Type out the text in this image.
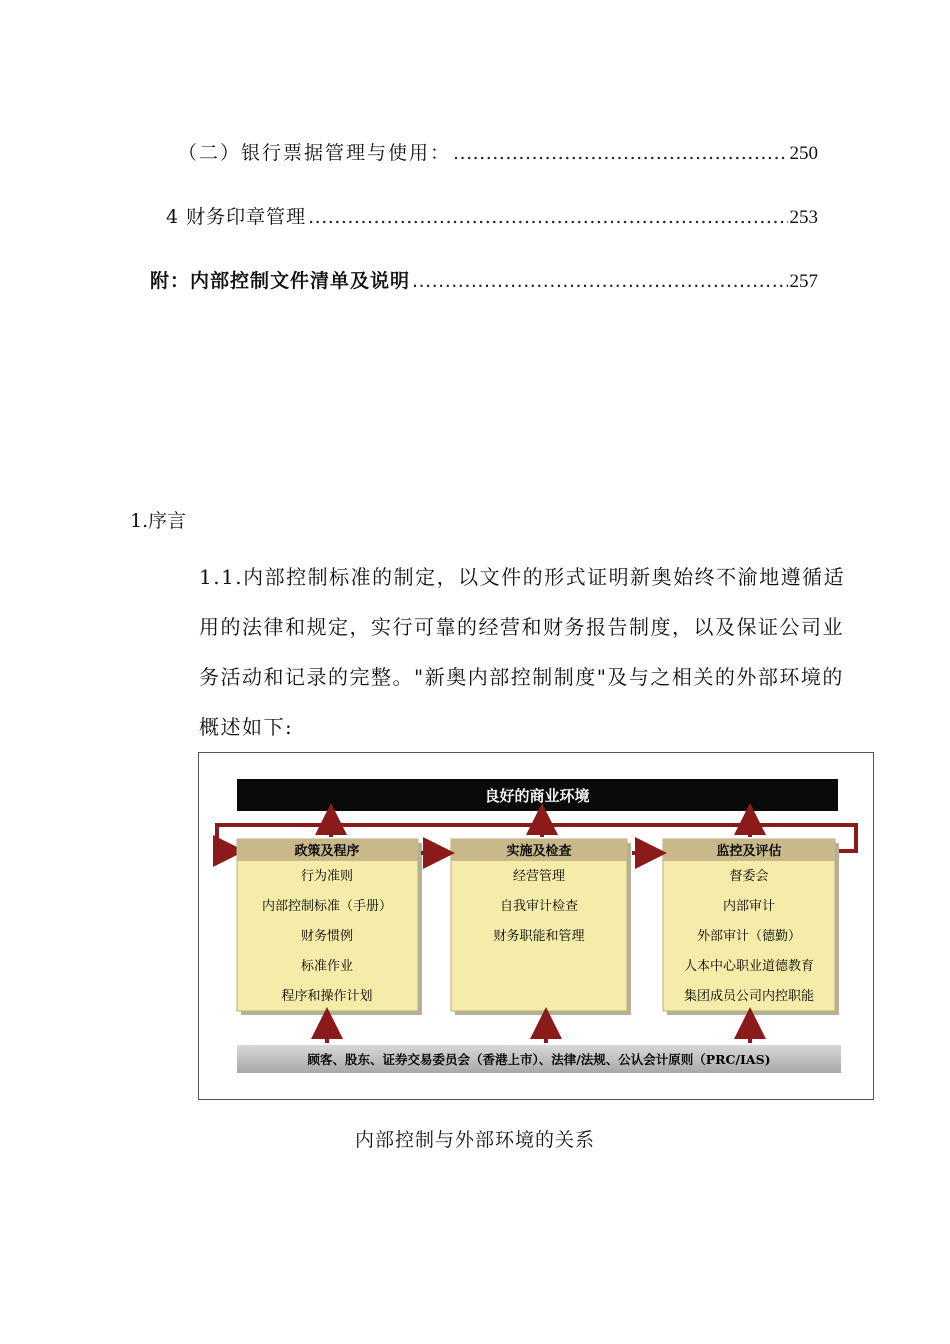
（二）银行票据管理与使用： .....	250
4 财务印章管理 .....	253
附：内部控制文件清单及说明 .....	257
1.序言
1.1.内部控制标准的制定，以文件的形式证明新奥始终不渝地遵循适用的法律和规定，实行可靠的经营和财务报告制度，以及保证公司业务活动和记录的完整。"新奥内部控制制度"及与之相关的外部环境的概述如下:
良好的商业环境
政策及程序
行为准则
内部控制标准（手册）
财务惯例
标准作业
程序和操作计划
实施及检查
经营管理
自我审计检查
财务职能和管理
监控及评估
督委会
内部审计
外部审计（德勤）
人本中心职业道德教育
集团成员公司内控职能
顾客、股东、证券交易委员会（香港上市）、法律/法规、公认会计原则（PRC/IAS)
内部控制与外部环境的关系
